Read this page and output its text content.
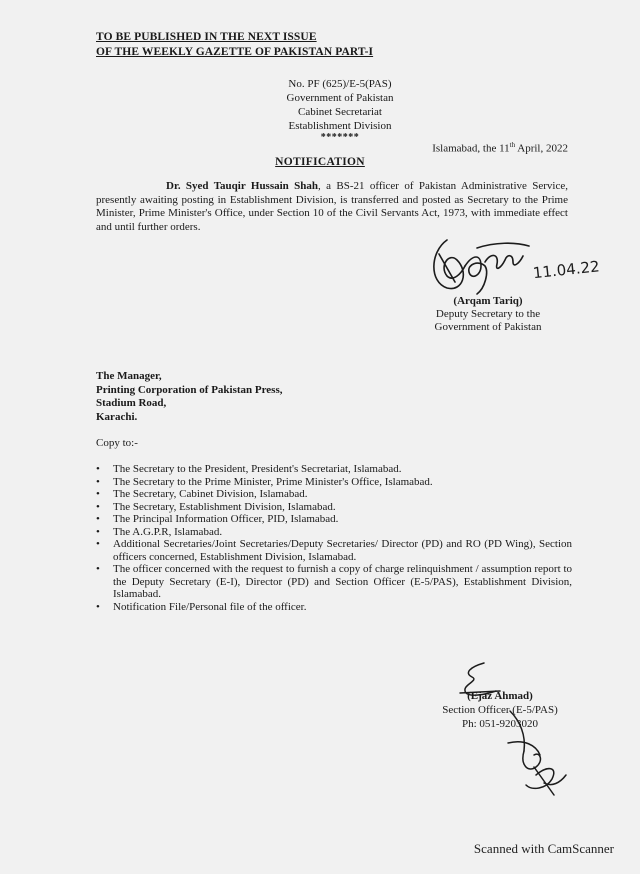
TO BE PUBLISHED IN THE NEXT ISSUE
OF THE WEEKLY GAZETTE OF PAKISTAN PART-I
No. PF (625)/E-5(PAS)
Government of Pakistan
Cabinet Secretariat
Establishment Division
*******
Islamabad, the 11th April, 2022
NOTIFICATION
Dr. Syed Tauqir Hussain Shah, a BS-21 officer of Pakistan Administrative Service, presently awaiting posting in Establishment Division, is transferred and posted as Secretary to the Prime Minister, Prime Minister's Office, under Section 10 of the Civil Servants Act, 1973, with immediate effect and until further orders.
11.04.22
(Arqam Tariq)
Deputy Secretary to the
Government of Pakistan
The Manager,
Printing Corporation of Pakistan Press,
Stadium Road,
Karachi.
Copy to:-
• The Secretary to the President, President's Secretariat, Islamabad.
• The Secretary to the Prime Minister, Prime Minister's Office, Islamabad.
• The Secretary, Cabinet Division, Islamabad.
• The Secretary, Establishment Division, Islamabad.
• The Principal Information Officer, PID, Islamabad.
• The A.G.P.R, Islamabad.
• Additional Secretaries/Joint Secretaries/Deputy Secretaries/ Director (PD) and RO (PD Wing), Section officers concerned, Establishment Division, Islamabad.
• The officer concerned with the request to furnish a copy of charge relinquishment / assumption report to the Deputy Secretary (E-I), Director (PD) and Section Officer (E-5/PAS), Establishment Division, Islamabad.
• Notification File/Personal file of the officer.
(Ejaz Ahmad)
Section Officer (E-5/PAS)
Ph: 051-9203020
Scanned with CamScanner
